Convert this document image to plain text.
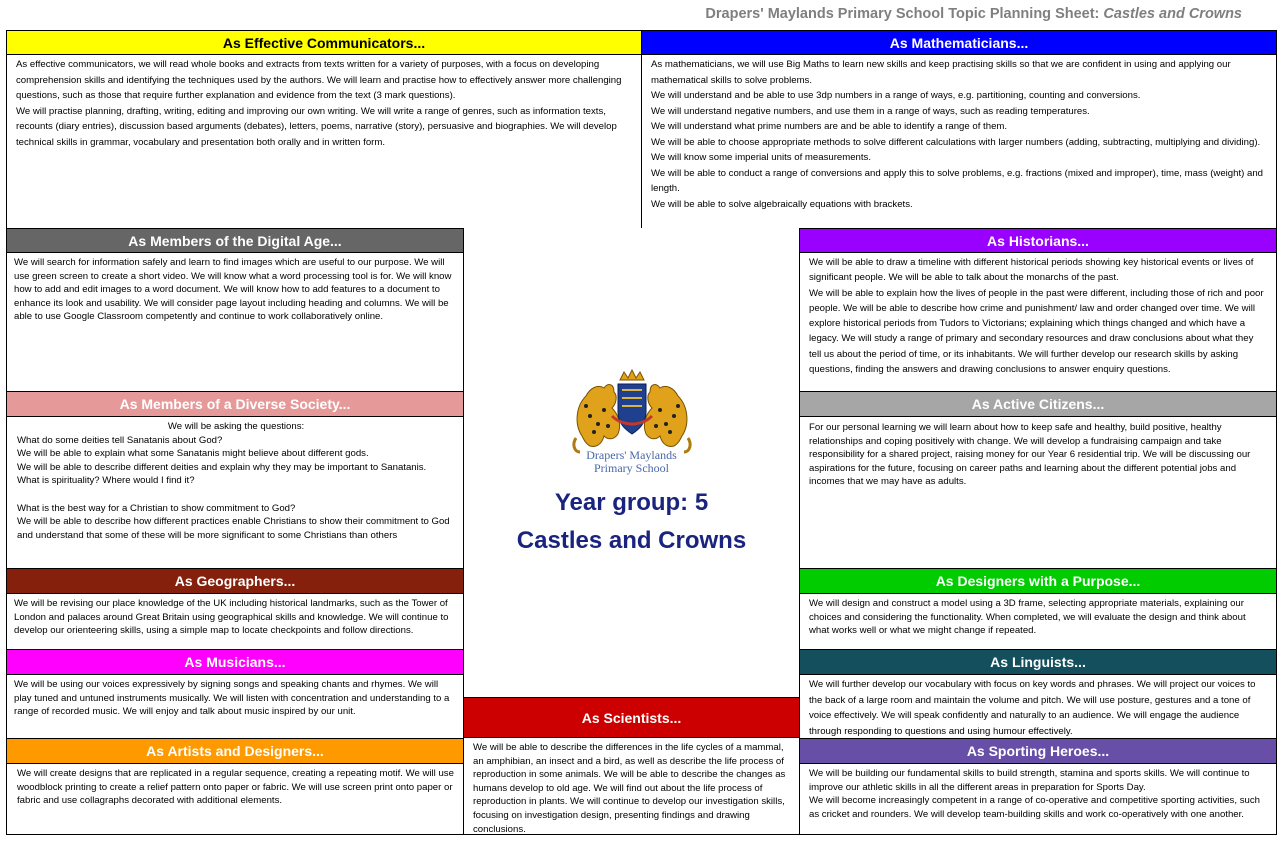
Drapers' Maylands Primary School Topic Planning Sheet: Castles and Crowns
As Effective Communicators...

As effective communicators, we will read whole books and extracts from texts written for a variety of purposes, with a focus on developing comprehension skills and identifying the techniques used by the authors. We will learn and practise how to effectively answer more challenging questions, such as those that require further explanation and evidence from the text (3 mark questions).

We will practise planning, drafting, writing, editing and improving our own writing. We will write a range of genres, such as information texts, recounts (diary entries), discussion based arguments (debates), letters, poems, narrative (story), persuasive and biographies. We will develop technical skills in grammar, vocabulary and presentation both orally and in written form.

As Mathematicians...

As mathematicians, we will use Big Maths to learn new skills and keep practising skills so that we are confident in using and applying our mathematical skills to solve problems.

We will understand and be able to use 3dp numbers in a range of ways, e.g. partitioning, counting and conversions.

We will understand negative numbers, and use them in a range of ways, such as reading temperatures.

We will understand what prime numbers are and be able to identify a range of them.

We will be able to choose appropriate methods to solve different calculations with larger numbers (adding, subtracting, multiplying and dividing).

We will know some imperial units of measurements.

We will be able to conduct a range of conversions and apply this to solve problems, e.g. fractions (mixed and improper), time, mass (weight) and length.

We will be able to solve algebraically equations with brackets.

As Members of the Digital Age...

We will search for information safely and learn to find images which are useful to our purpose. We will use green screen to create a short video. We will know what a word processing tool is for. We will know how to add and edit images to a word document. We will know how to add features to a document to enhance its look and usability. We will consider page layout including heading and columns. We will be able to use Google Classroom competently and continue to work collaboratively online.

As Historians...

We will be able to draw a timeline with different historical periods showing key historical events or lives of significant people. We will be able to talk about the monarchs of the past.

We will be able to explain how the lives of people in the past were different, including those of rich and poor people. We will be able to describe how crime and punishment/ law and order changed over time. We will explore historical periods from Tudors to Victorians; explaining which things changed and which have a legacy. We will study a range of primary and secondary resources and draw conclusions about what they tell us about the period of time, or its inhabitants. We will further develop our research skills by asking questions, finding the answers and drawing conclusions to answer enquiry questions.

As Members of a Diverse Society...

We will be asking the questions:

What do some deities tell Sanatanis about God?

We will be able to explain what some Sanatanis might believe about different gods.

We will be able to describe different deities and explain why they may be important to Sanatanis.

What is spirituality? Where would I find it?

What is the best way for a Christian to show commitment to God?

We will be able to describe how different practices enable Christians to show their commitment to God and understand that some of these will be more significant to some Christians than others

As Active Citizens...

For our personal learning we will learn about how to keep safe and healthy, build positive, healthy relationships and coping positively with change. We will develop a fundraising campaign and take responsibility for a shared project, raising money for our Year 6 residential trip. We will be discussing our aspirations for the future, focusing on career paths and learning about the different potential jobs and incomes that we may have as adults.

As Geographers...

We will be revising our place knowledge of the UK including historical landmarks, such as the Tower of London and palaces around Great Britain using geographical skills and knowledge. We will continue to develop our orienteering skills, using a simple map to locate checkpoints and follow directions.

As Designers with a Purpose...

We will design and construct a model using a 3D frame, selecting appropriate materials, explaining our choices and considering the functionality. When completed, we will evaluate the design and think about what works well or what we might change if repeated.

As Musicians...

We will be using our voices expressively by signing songs and speaking chants and rhymes. We will play tuned and untuned instruments musically. We will listen with concentration and understanding to a range of recorded music. We will enjoy and talk about music inspired by our unit.

As Linguists...

We will further develop our vocabulary with focus on key words and phrases. We will project our voices to the back of a large room and maintain the volume and pitch. We will use posture, gestures and a tone of voice effectively. We will speak confidently and naturally to an audience. We will engage the audience through responding to questions and using humour effectively.

Year group: 5
Castles and Crowns
Drapers' Maylands
Primary School
As Scientists...

We will be able to describe the differences in the life cycles of a mammal, an amphibian, an insect and a bird, as well as describe the life process of reproduction in some animals. We will be able to describe the changes as humans develop to old age. We will find out about the life process of reproduction in plants. We will continue to develop our investigation skills, focusing on investigation design, presenting findings and drawing conclusions.

As Artists and Designers...

We will create designs that are replicated in a regular sequence, creating a repeating motif. We will use woodblock printing to create a relief pattern onto paper or fabric. We will use screen print onto paper or fabric and use collagraphs decorated with additional elements.

As Sporting Heroes...

We will be building our fundamental skills to build strength, stamina and sports skills. We will continue to improve our athletic skills in all the different areas in preparation for Sports Day.

We will become increasingly competent in a range of co-operative and competitive sporting activities, such as cricket and rounders. We will develop team-building skills and work co-operatively with one another.
